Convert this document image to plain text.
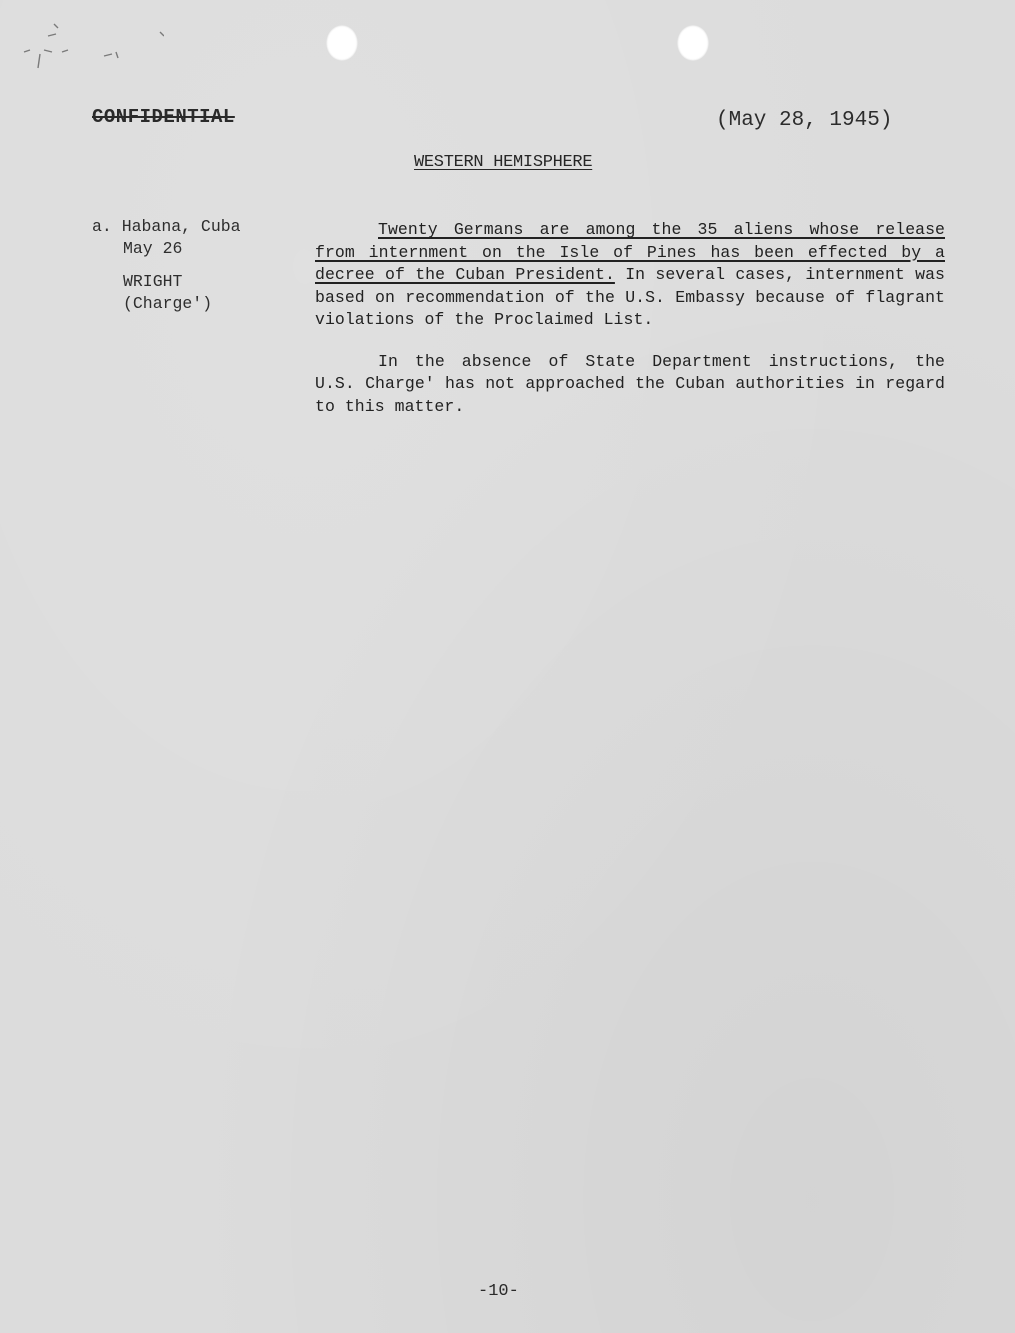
CONFIDENTIAL	(May 28, 1945)
WESTERN HEMISPHERE
a. Habana, Cuba
May 26
WRIGHT
(Charge')

Twenty Germans are among the 35 aliens whose release from internment on the Isle of Pines has been effected by a decree of the Cuban President. In several cases, internment was based on recommendation of the U.S. Embassy because of flagrant violations of the Proclaimed List.

In the absence of State Department instructions, the U.S. Charge' has not approached the Cuban authorities in regard to this matter.

-10-
